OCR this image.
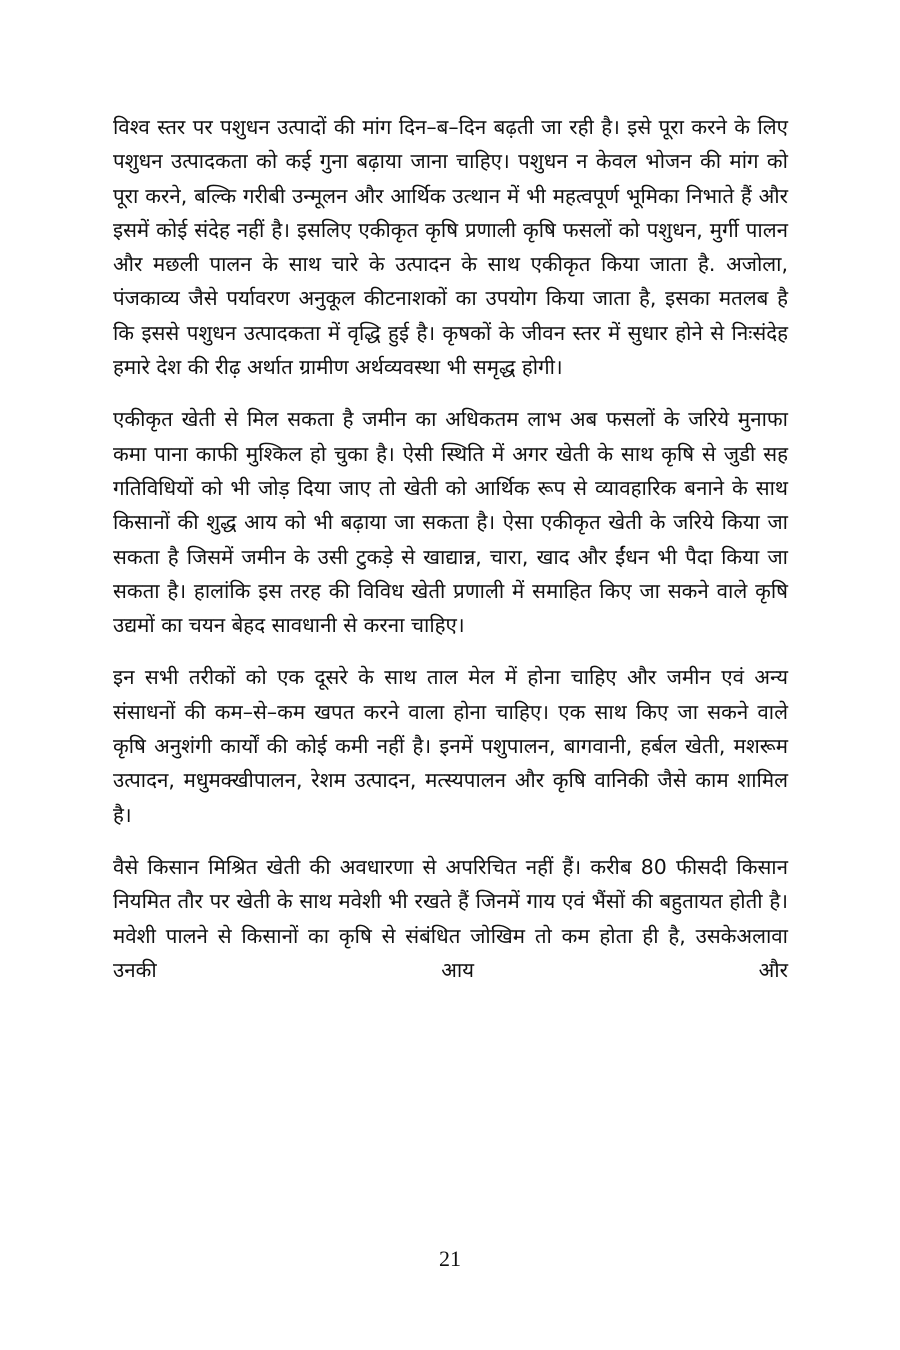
विश्व स्तर पर पशुधन उत्पादों की मांग दिन–ब–दिन बढ़ती जा रही है। इसे पूरा करने के लिए पशुधन उत्पादकता को कई गुना बढ़ाया जाना चाहिए। पशुधन न केवल भोजन की मांग को पूरा करने, बल्कि गरीबी उन्मूलन और आर्थिक उत्थान में भी महत्वपूर्ण भूमिका निभाते हैं और इसमें कोई संदेह नहीं है। इसलिए एकीकृत कृषि प्रणाली कृषि फसलों को पशुधन, मुर्गी पालन और मछली पालन के साथ चारे के उत्पादन के साथ एकीकृत किया जाता है. अजोला, पंजकाव्य जैसे पर्यावरण अनुकूल कीटनाशकों का उपयोग किया जाता है, इसका मतलब है कि इससे पशुधन उत्पादकता में वृद्धि हुई है। कृषकों के जीवन स्तर में सुधार होने से निःसंदेह हमारे देश की रीढ़ अर्थात ग्रामीण अर्थव्यवस्था भी समृद्ध होगी।

एकीकृत खेती से मिल सकता है जमीन का अधिकतम लाभ अब फसलों के जरिये मुनाफा कमा पाना काफी मुश्किल हो चुका है। ऐसी स्थिति में अगर खेती के साथ कृषि से जुडी सह गतिविधियों को भी जोड़ दिया जाए तो खेती को आर्थिक रूप से व्यावहारिक बनाने के साथ किसानों की शुद्ध आय को भी बढ़ाया जा सकता है। ऐसा एकीकृत खेती के जरिये किया जा सकता है जिसमें जमीन के उसी टुकड़े से खाद्यान्न, चारा, खाद और ईंधन भी पैदा किया जा सकता है। हालांकि इस तरह की विविध खेती प्रणाली में समाहित किए जा सकने वाले कृषि उद्यमों का चयन बेहद सावधानी से करना चाहिए।

इन सभी तरीकों को एक दूसरे के साथ ताल मेल में होना चाहिए और जमीन एवं अन्य संसाधनों की कम–से–कम खपत करने वाला होना चाहिए। एक साथ किए जा सकने वाले कृषि अनुशंगी कार्यों की कोई कमी नहीं है। इनमें पशुपालन, बागवानी, हर्बल खेती, मशरूम उत्पादन, मधुमक्खीपालन, रेशम उत्पादन, मत्स्यपालन और कृषि वानिकी जैसे काम शामिल है।

वैसे किसान मिश्रित खेती की अवधारणा से अपरिचित नहीं हैं। करीब 80 फीसदी किसान नियमित तौर पर खेती के साथ मवेशी भी रखते हैं जिनमें गाय एवं भैंसों की बहुतायत होती है। मवेशी पालने से किसानों का कृषि से संबंधित जोखिम तो कम होता ही है, उसकेअलावा उनकी आय और

21
